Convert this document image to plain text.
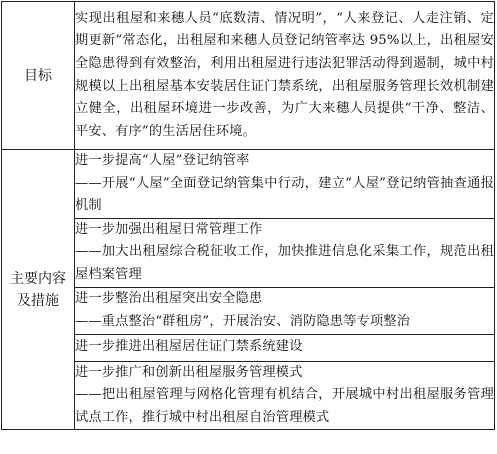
目标	实现出租屋和来穗人员“底数清、情况明”，“人来登记、人走注销、定期更新”常态化，出租屋和来穗人员登记纳管率达 95%以上，出租屋安全隐患得到有效整治，利用出租屋进行违法犯罪活动得到遏制，城中村规模以上出租屋基本安装居住证门禁系统，出租屋服务管理长效机制建立健全，出租屋环境进一步改善，为广大来穗人员提供“干净、整洁、平安、有序”的生活居住环境。

主要内容
及措施	进一步提高“人屋”登记纳管率
——开展“人屋”全面登记纳管集中行动，建立“人屋”登记纳管抽查通报机制

	进一步加强出租屋日常管理工作
——加大出租屋综合税征收工作，加快推进信息化采集工作，规范出租屋档案管理

	进一步整治出租屋突出安全隐患
——重点整治“群租房”，开展治安、消防隐患等专项整治

	进一步推进出租屋居住证门禁系统建设

	进一步推广和创新出租屋服务管理模式
——把出租屋管理与网格化管理有机结合，开展城中村出租屋服务管理试点工作，推行城中村出租屋自治管理模式
